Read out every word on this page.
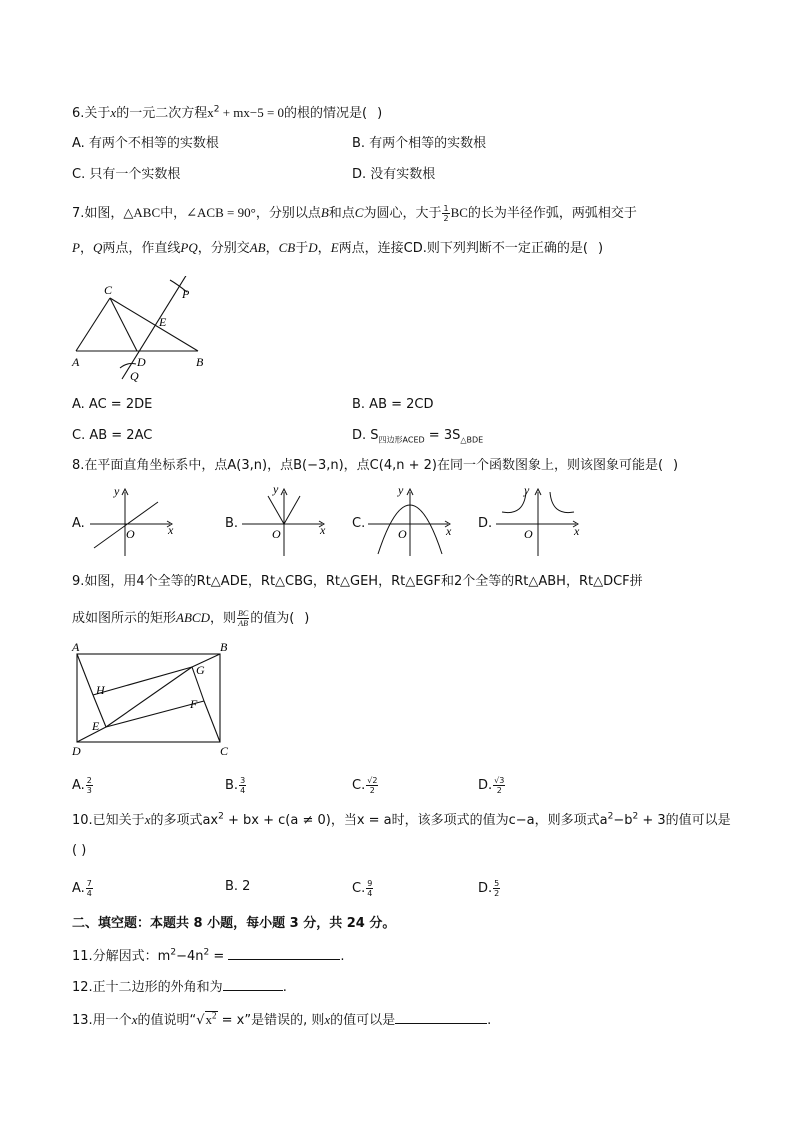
6.关于x的一元二次方程$x^2 + mx-5 = 0$的根的情况是( )
A. 有两个不相等的实数根	B. 有两个相等的实数根
C. 只有一个实数根	D. 没有实数根
7.如图，△ABC中，∠ACB = 90°，分别以点B和点C为圆心，大于 $\frac{1}{2}$ BC的长为半径作弧，两弧相交于
P，Q两点，作直线PQ，分别交AB，CB于D，E两点，连接CD.则下列判断不一定正确的是( )
C	P
E
A	D	B
Q
A. AC = 2DE	B. AB = 2CD
C. AB = 2AC	D. $S_{四边形ACED} = 3S_{\triangle BDE}$
8.在平面直角坐标系中，点A(3,n)，点B(−3,n)，点C(4,n + 2)在同一个函数图象上，则该图象可能是( )
A.
y
x
O
B.
y
x
O
C.
y
x
O
D.
y
x
O
9.如图，用4个全等的Rt△ADE，Rt△CBG，Rt△GEH，Rt△EGF和2个全等的Rt△ABH，Rt△DCF拼
成如图所示的矩形ABCD，则 $\frac{BC}{AB}$ 的值为( )
A	B
G
H
F
E
D	C
A. $\frac{2}{3}$	B. $\frac{3}{4}$	C. $\frac{√2}{2}$	D. $\frac{√3}{2}$
10.已知关于x的多项式$ax^2$ + bx + c(a ≠ 0)，当x = a时，该多项式的值为c−a，则多项式$a^2-b^2 + 3$的值可以是
( )
A. $\frac{7}{4}$	B. 2	C. $\frac{9}{4}$	D. $\frac{5}{2}$
二、填空题：本题共 8 小题，每小题 3 分，共 24 分。
11.分解因式：$m^2-4n^2$ =	.
12.正十二边形的外角和为	.
13.用一个x的值说明“$√x^2 = x$”是错误的, 则x的值可以是	.
